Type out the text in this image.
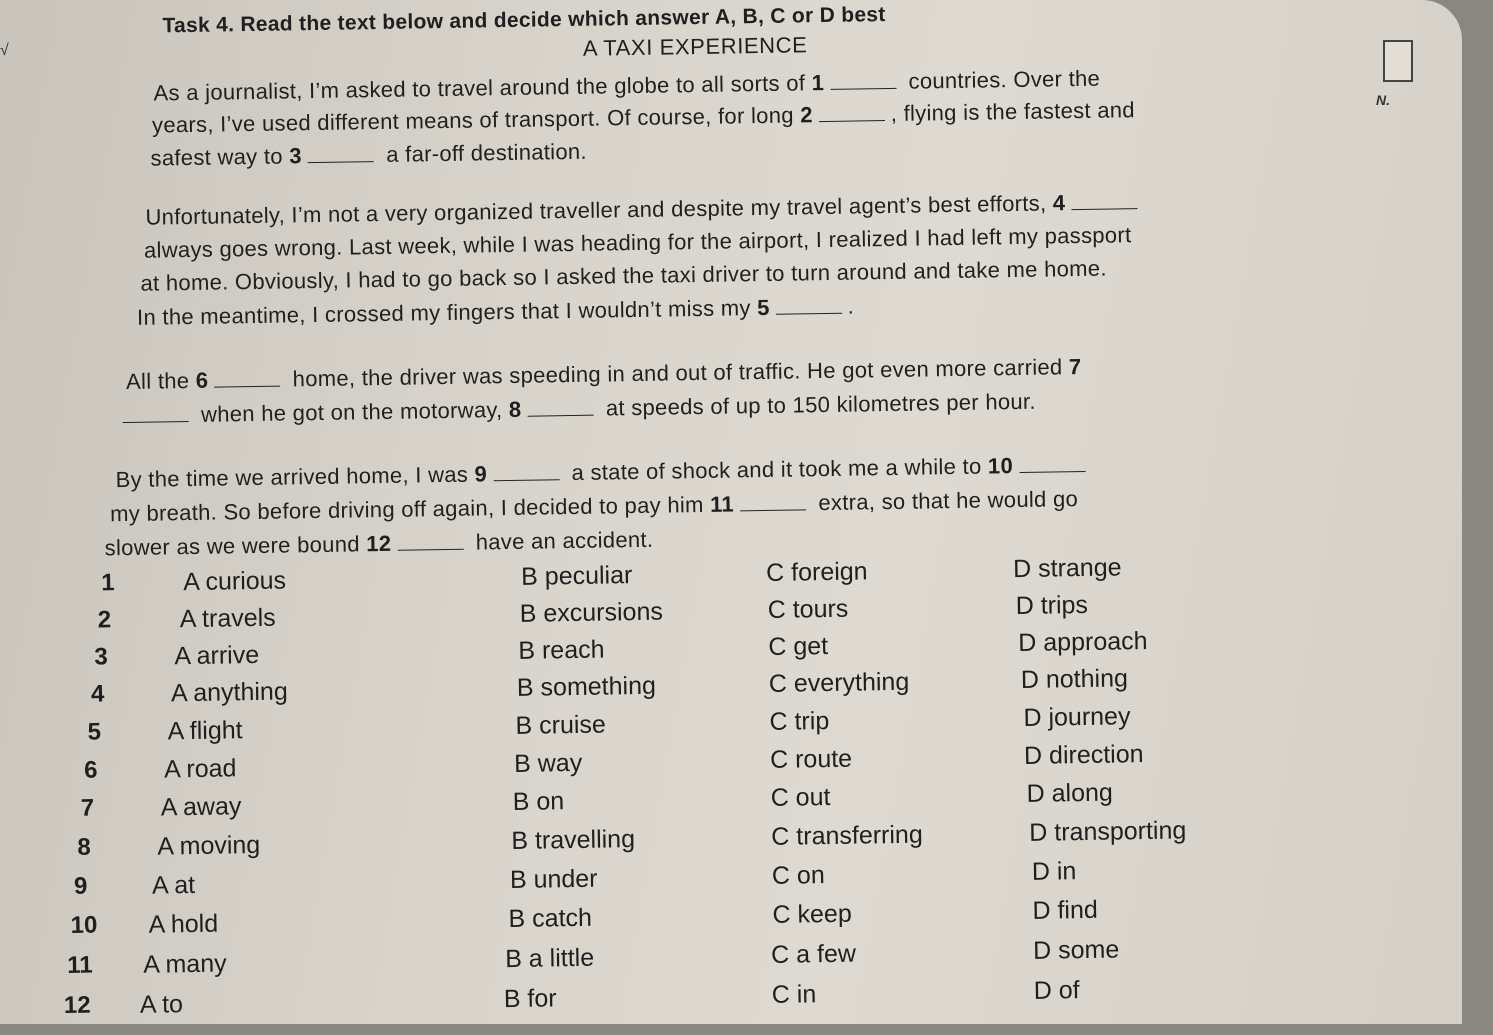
N.
√
Task 4. Read the text below and decide which answer A, B, C or D best
A TAXI EXPERIENCE
As a journalist, I’m asked to travel around the globe to all sorts of 1	countries. Over the
years, I’ve used different means of transport. Of course, for long 2	, flying is the fastest and
safest way to 3	a far-off destination.
Unfortunately, I’m not a very organized traveller and despite my travel agent’s best efforts, 4
always goes wrong. Last week, while I was heading for the airport, I realized I had left my passport
at home. Obviously, I had to go back so I asked the taxi driver to turn around and take me home.
In the meantime, I crossed my fingers that I wouldn’t miss my 5	.
All the 6	home, the driver was speeding in and out of traffic. He got even more carried 7
when he got on the motorway, 8	at speeds of up to 150 kilometres per hour.
By the time we arrived home, I was 9	a state of shock and it took me a while to 10
my breath. So before driving off again, I decided to pay him 11	extra, so that he would go
slower as we were bound 12	have an accident.
1	A curious	B peculiar	C foreign	D strange
2	A travels	B excursions	C tours	D trips
3	A arrive	B reach	C get	D approach
4	A anything	B something	C everything	D nothing
5	A flight	B cruise	C trip	D journey
6	A road	B way	C route	D direction
7	A away	B on	C out	D along
8	A moving	B travelling	C transferring	D transporting
9	A at	B under	C on	D in
10 A hold	B catch	C keep	D find
11 A many	B a little	C a few	D some
12 A to	B for	C in	D of
